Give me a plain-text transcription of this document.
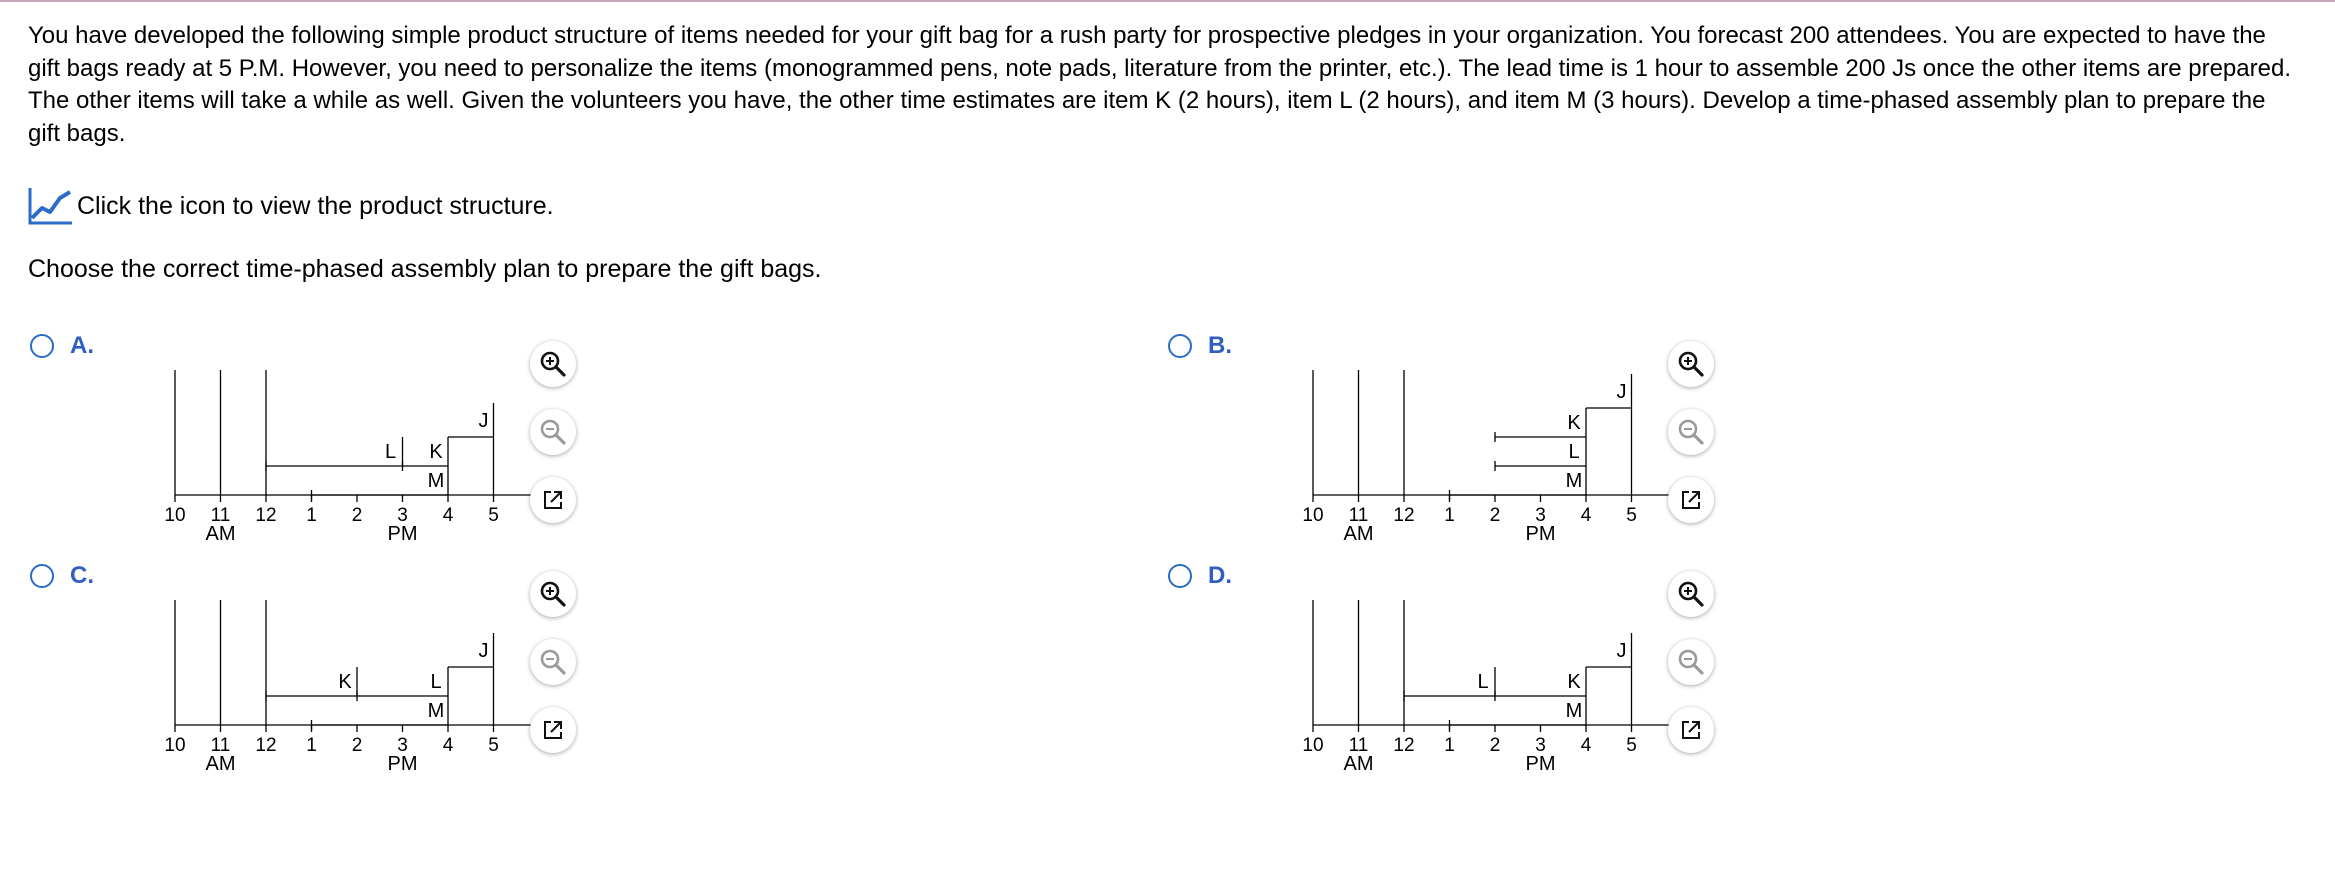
You have developed the following simple product structure of items needed for your gift bag for a rush party for prospective pledges in your organization. You forecast 200 attendees. You are expected to have the gift bags ready at 5 P.M. However, you need to personalize the items (monogrammed pens, note pads, literature from the printer, etc.). The lead time is 1 hour to assemble 200 Js once the other items are prepared. The other items will take a while as well. Given the volunteers you have, the other time estimates are item K (2 hours), item L (2 hours), and item M (3 hours). Develop a time-phased assembly plan to prepare the gift bags.

Click the icon to view the product structure.

Choose the correct time-phased assembly plan to prepare the gift bags.

A.
J
K
L
M
10 11 12 1 2 3 4 5
AM	PM
B.
J
K
L
M
10 11 12 1 2 3 4 5
AM	PM
C.
J
K	L
M
10 11 12 1 2 3 4 5
AM	PM
D.
J
K
L
M
10 11 12 1 2 3 4 5
AM	PM
